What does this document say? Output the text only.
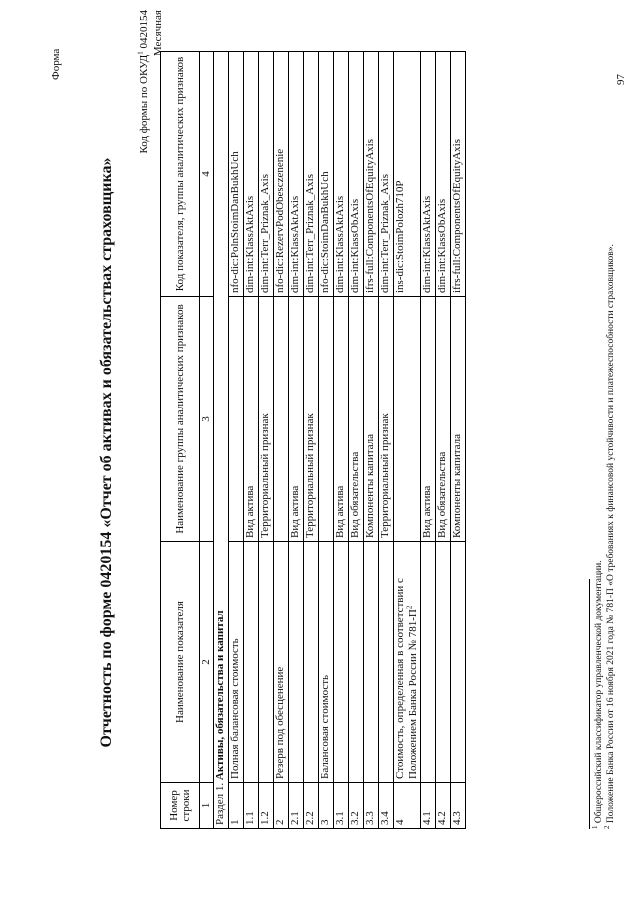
Форма
Отчетность по форме 0420154 «Отчет об активах и обязательствах страховщика»
Код формы по ОКУД$^1$ 0420154 Месячная
Номер строки	Наименование показателя	Наименование группы аналитических признаков	Код показателя, группы аналитических признаков
1	2	3	4
Раздел 1. Активы, обязательства и капитал			
1	Полная балансовая стоимость		nfo-dic:PolnStoimDanBukhUch
1.1		Вид актива	dim-int:KlassAktAxis
1.2		Территориальный признак	dim-int:Terr_Priznak_Axis
2	Резерв под обесценение		nfo-dic:RezervPodObesczenenie
2.1		Вид актива	dim-int:KlassAktAxis
2.2		Территориальный признак	dim-int:Terr_Priznak_Axis
3	Балансовая стоимость		nfo-dic:StoimDanBukhUch
3.1		Вид актива	dim-int:KlassAktAxis
3.2		Вид обязательства	dim-int:KlassObAxis
3.3		Компоненты капитала	ifrs-full:ComponentsOfEquityAxis
3.4		Территориальный признак	dim-int:Terr_Priznak_Axis
4	Стоимость, определенная в соответствии с Положением Банка России № $781-П^2$		ins-dic:StoimPolozh710P
4.1		Вид актива	dim-int:KlassAktAxis
4.2		Вид обязательства	dim-int:KlassObAxis
4.3		Компоненты капитала	ifrs-full:ComponentsOfEquityAxis
$^1$ Общероссийский классификатор управленческой документации.
$^2$ Положение Банка России от 16 ноября 2021 года № 781-П «О требованиях к финансовой устойчивости и платежеспособности страховщиков».
97
